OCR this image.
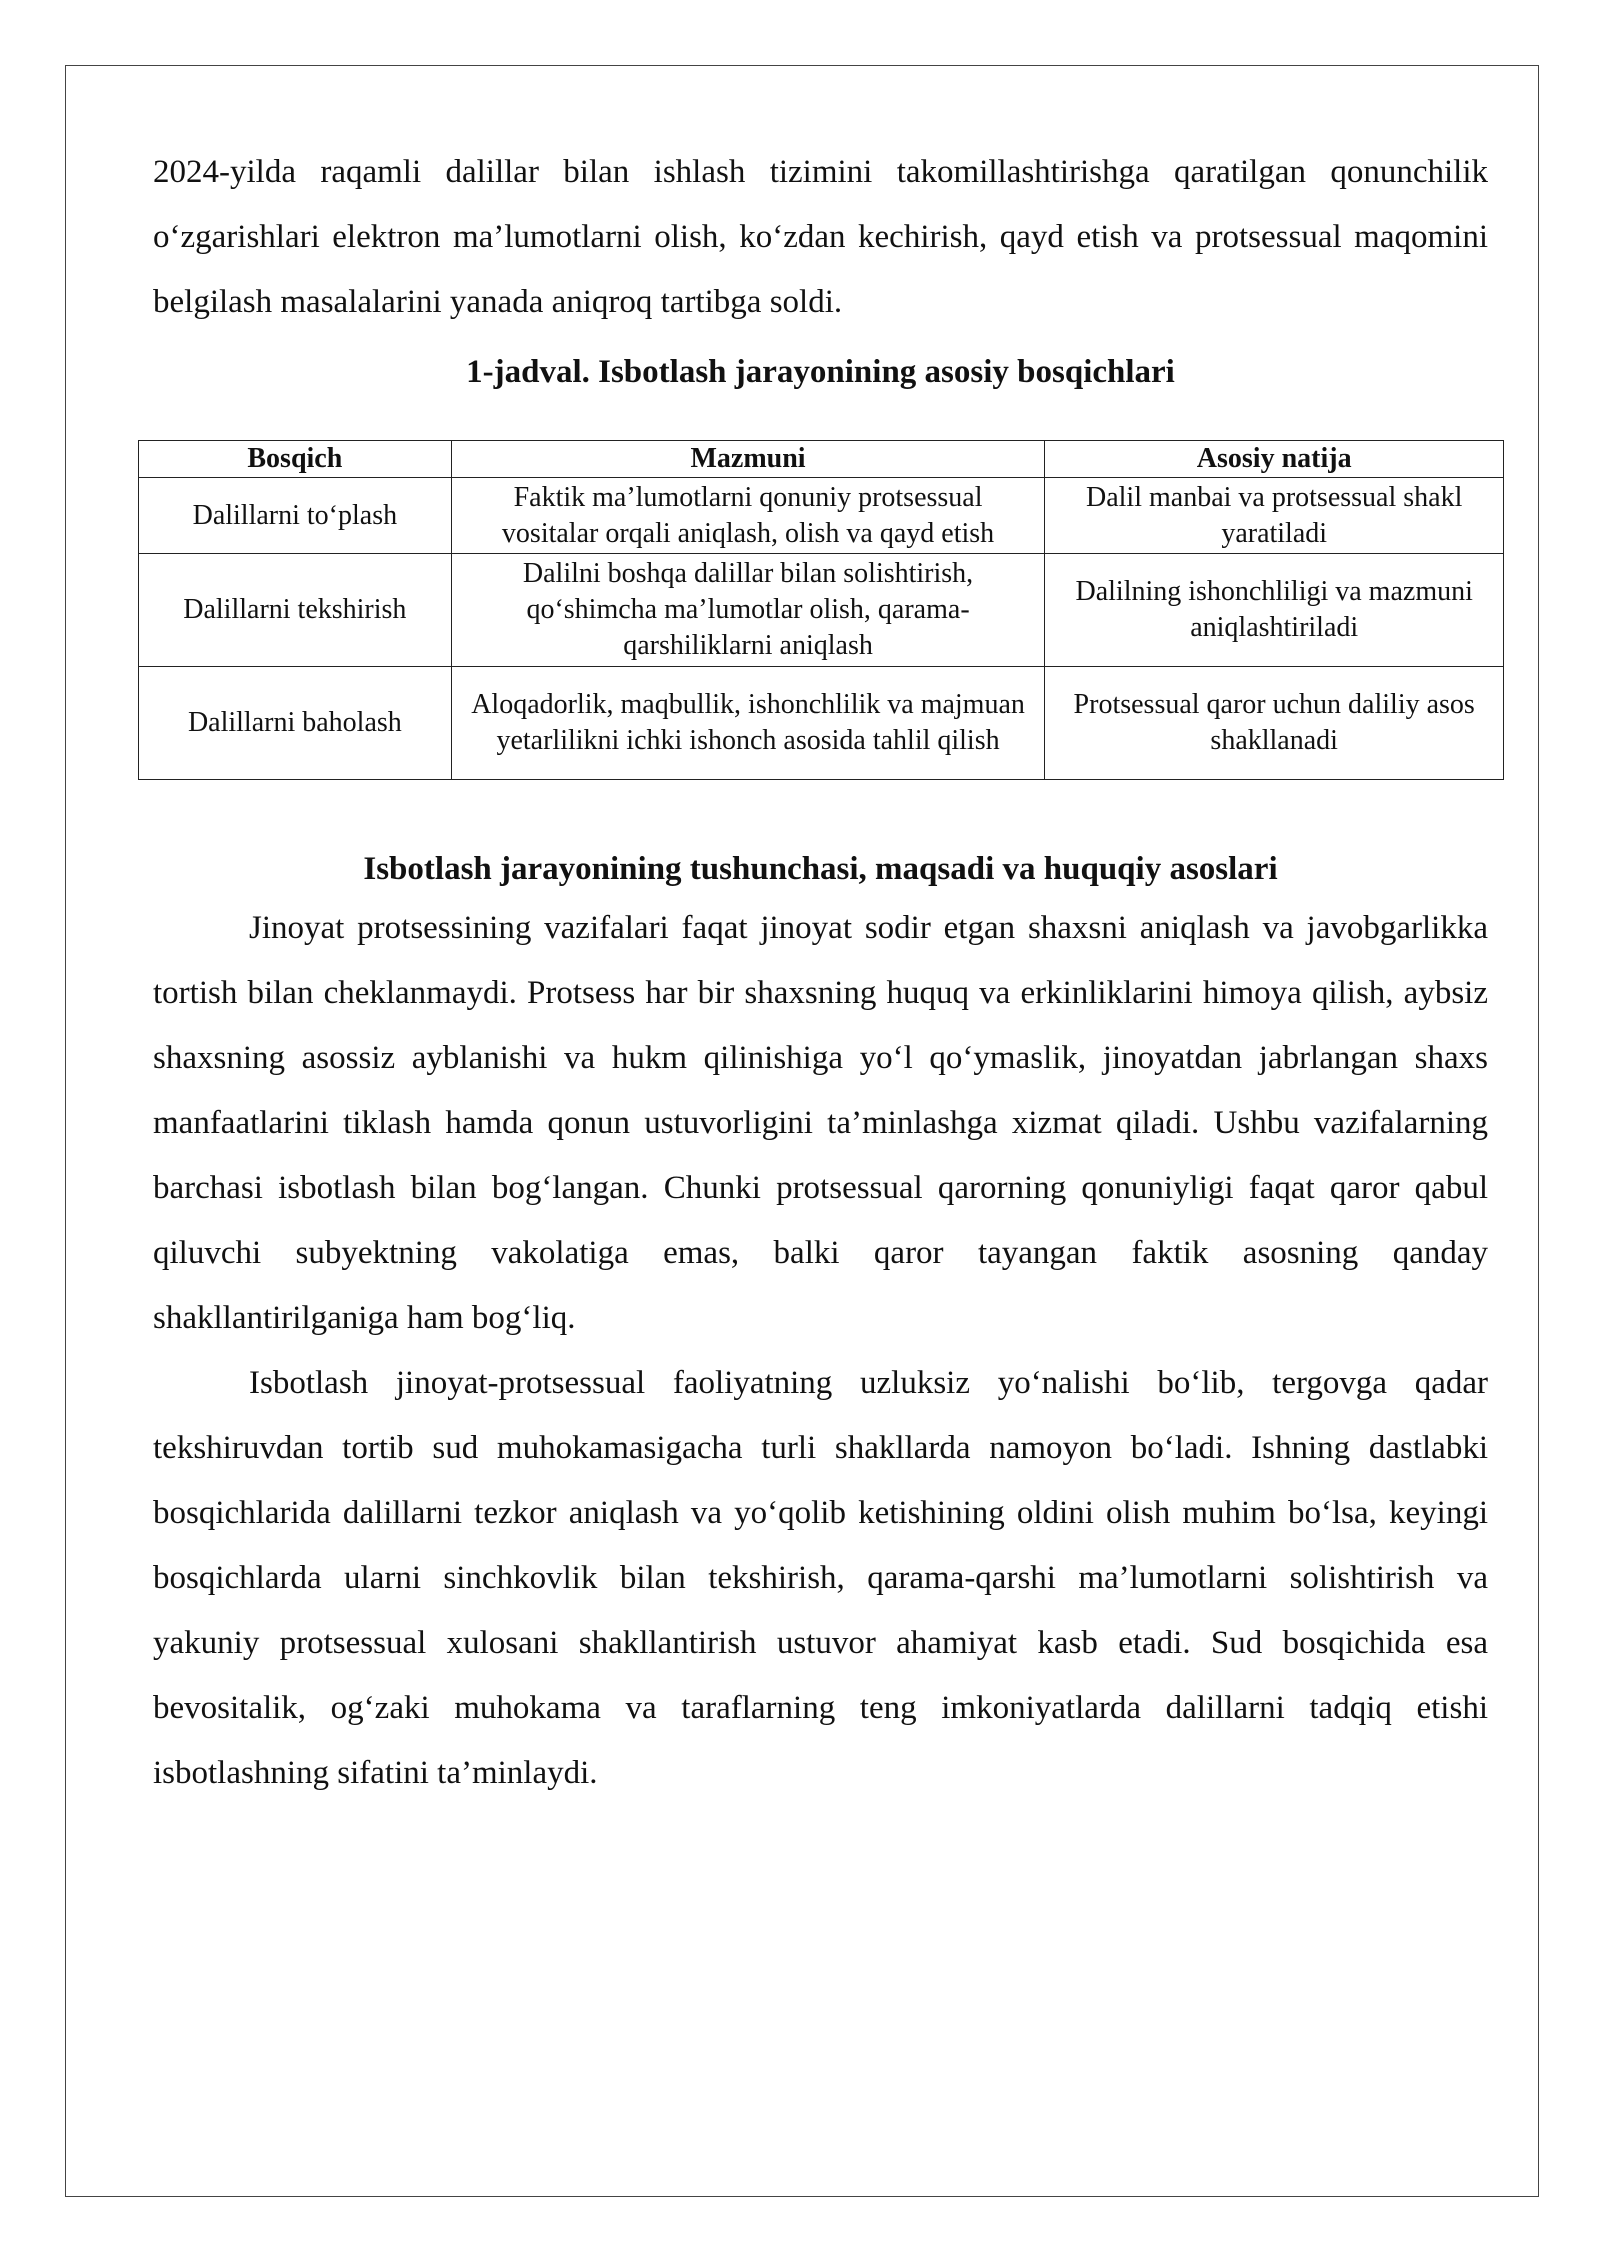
2024-yilda raqamli dalillar bilan ishlash tizimini takomillashtirishga qaratilgan qonunchilik o‘zgarishlari elektron ma’lumotlarni olish, ko‘zdan kechirish, qayd etish va protsessual maqomini belgilash masalalarini yanada aniqroq tartibga soldi.

1-jadval. Isbotlash jarayonining asosiy bosqichlari
Bosqich	Mazmuni	Asosiy natija
Dalillarni to‘plash	Faktik ma’lumotlarni qonuniy protsessual vositalar orqali aniqlash, olish va qayd etish	Dalil manbai va protsessual shakl yaratiladi
Dalillarni tekshirish	Dalilni boshqa dalillar bilan solishtirish, qo‘shimcha ma’lumotlar olish, qarama-qarshiliklarni aniqlash	Dalilning ishonchliligi va mazmuni aniqlashtiriladi
Dalillarni baholash	Aloqadorlik, maqbullik, ishonchlilik va majmuan yetarlilikni ichki ishonch asosida tahlil qilish	Protsessual qaror uchun daliliy asos shakllanadi
Isbotlash jarayonining tushunchasi, maqsadi va huquqiy asoslari

Jinoyat protsessining vazifalari faqat jinoyat sodir etgan shaxsni aniqlash va javobgarlikka tortish bilan cheklanmaydi. Protsess har bir shaxsning huquq va erkinliklarini himoya qilish, aybsiz shaxsning asossiz ayblanishi va hukm qilinishiga yo‘l qo‘ymaslik, jinoyatdan jabrlangan shaxs manfaatlarini tiklash hamda qonun ustuvorligini ta’minlashga xizmat qiladi. Ushbu vazifalarning barchasi isbotlash bilan bog‘langan. Chunki protsessual qarorning qonuniyligi faqat qaror qabul qiluvchi subyektning vakolatiga emas, balki qaror tayangan faktik asosning qanday shakllantirilganiga ham bog‘liq.

Isbotlash jinoyat-protsessual faoliyatning uzluksiz yo‘nalishi bo‘lib, tergovga qadar tekshiruvdan tortib sud muhokamasigacha turli shakllarda namoyon bo‘ladi. Ishning dastlabki bosqichlarida dalillarni tezkor aniqlash va yo‘qolib ketishining oldini olish muhim bo‘lsa, keyingi bosqichlarda ularni sinchkovlik bilan tekshirish, qarama-qarshi ma’lumotlarni solishtirish va yakuniy protsessual xulosani shakllantirish ustuvor ahamiyat kasb etadi. Sud bosqichida esa bevositalik, og‘zaki muhokama va taraflarning teng imkoniyatlarda dalillarni tadqiq etishi isbotlashning sifatini ta’minlaydi.
